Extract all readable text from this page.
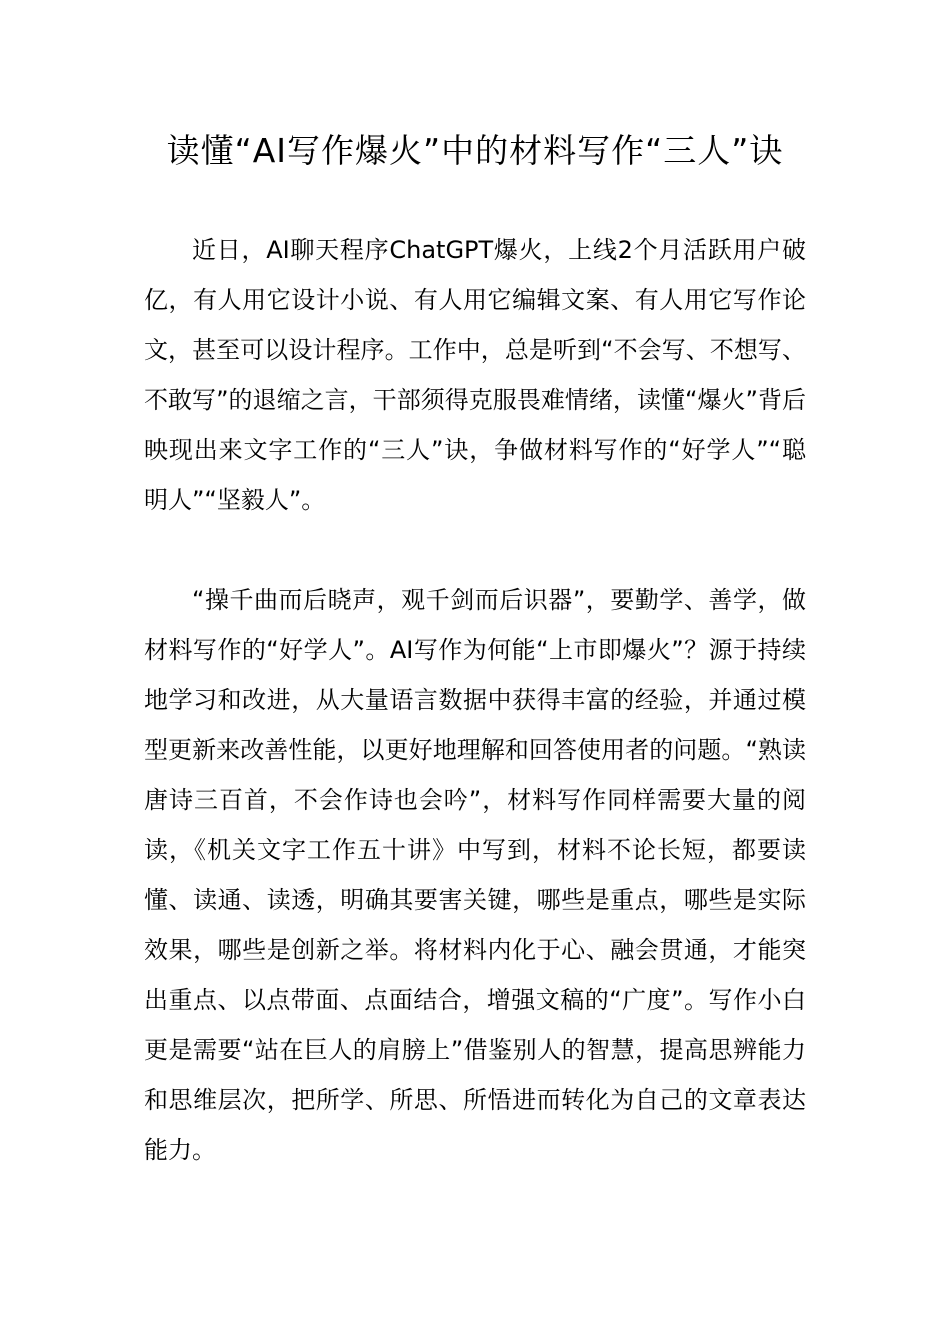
读懂“AI写作爆火”中的材料写作“三人”诀

近日，AI聊天程序ChatGPT爆火，上线2个月活跃用户破亿，有人用它设计小说、有人用它编辑文案、有人用它写作论文，甚至可以设计程序。工作中，总是听到“不会写、不想写、不敢写”的退缩之言，干部须得克服畏难情绪，读懂“爆火”背后映现出来文字工作的“三人”诀，争做材料写作的“好学人”“聪明人”“坚毅人”。

“操千曲而后晓声，观千剑而后识器”，要勤学、善学，做材料写作的“好学人”。AI写作为何能“上市即爆火”？源于持续地学习和改进，从大量语言数据中获得丰富的经验，并通过模型更新来改善性能，以更好地理解和回答使用者的问题。“熟读唐诗三百首，不会作诗也会吟”，材料写作同样需要大量的阅读，《机关文字工作五十讲》中写到，材料不论长短，都要读懂、读通、读透，明确其要害关键，哪些是重点，哪些是实际效果，哪些是创新之举。将材料内化于心、融会贯通，才能突出重点、以点带面、点面结合，增强文稿的“广度”。写作小白更是需要“站在巨人的肩膀上”借鉴别人的智慧，提高思辨能力和思维层次，把所学、所思、所悟进而转化为自己的文章表达能力。
